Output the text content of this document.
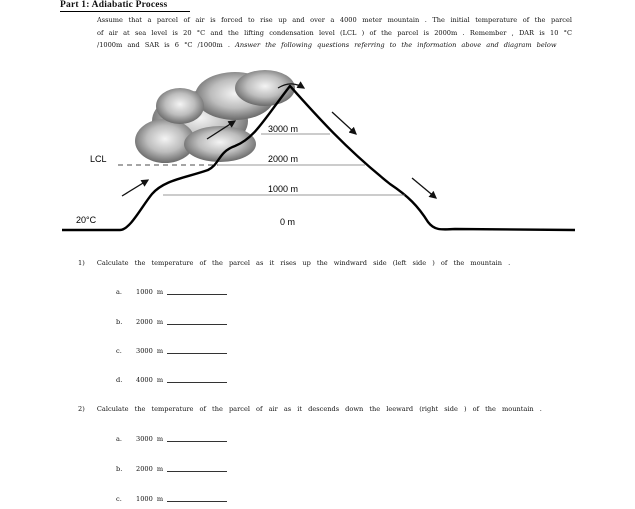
Part 1: Adiabatic Process
Assume that a parcel of air is forced to rise up and over a 4000 meter mountain . The initial temperature of the parcel of air at sea level is 20 °C and the lifting condensation level (LCL ) of the parcel is 2000m . Remember , DAR is 10 °C /1000m and SAR is 6 °C /1000m . Answer the following questions referring to the information above and diagram below
3000 m
2000 m
1000 m
0 m
LCL
20°C
1) Calculate the temperature of the parcel as it rises up the windward side (left side ) of the mountain .
a. 1000 m
b. 2000 m
c. 3000 m
d. 4000 m
2) Calculate the temperature of the parcel of air as it descends down the leeward (right side ) of the mountain .
a. 3000 m
b. 2000 m
c. 1000 m
